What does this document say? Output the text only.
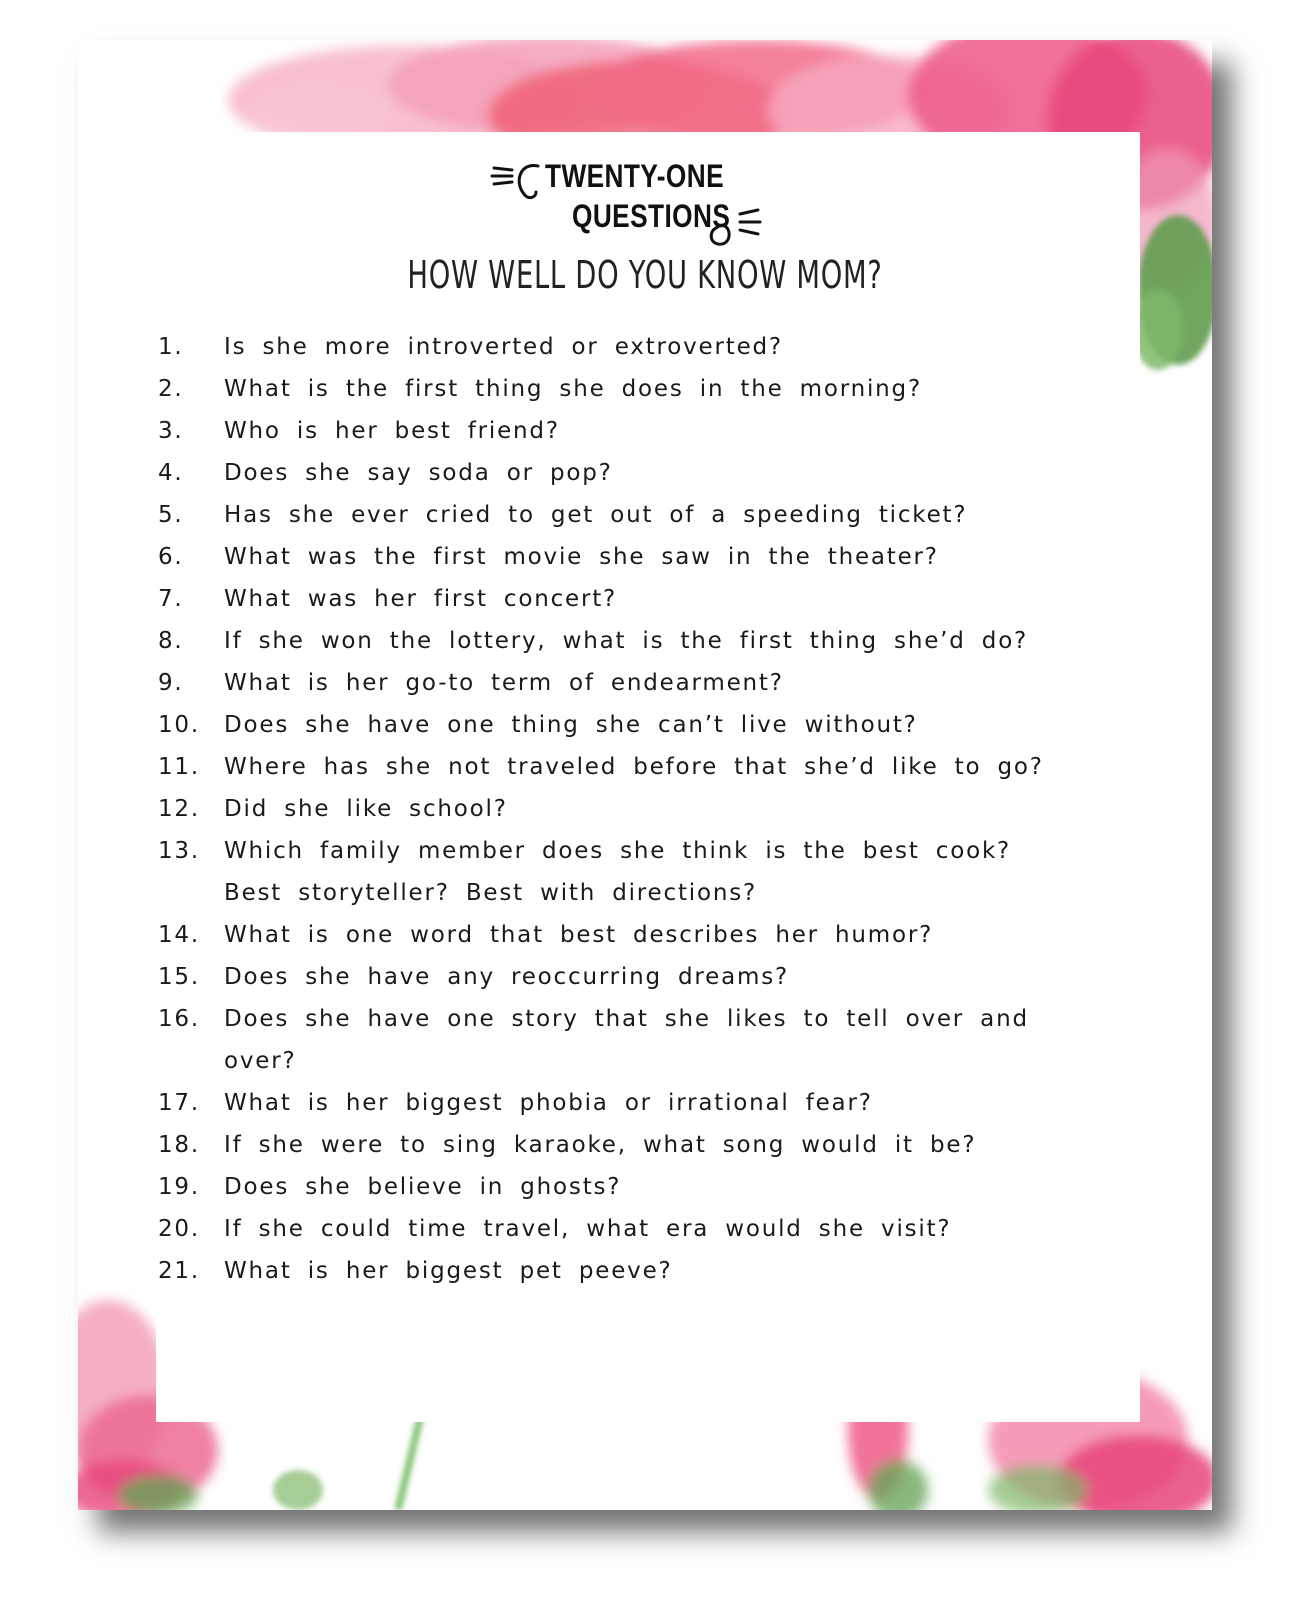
TWENTY-ONE
QUESTIONS
HOW WELL DO YOU KNOW MOM?
1. Is she more introverted or extroverted?
2. What is the first thing she does in the morning?
3. Who is her best friend?
4. Does she say soda or pop?
5. Has she ever cried to get out of a speeding ticket?
6. What was the first movie she saw in the theater?
7. What was her first concert?
8. If she won the lottery, what is the first thing she’d do?
9. What is her go-to term of endearment?
10. Does she have one thing she can’t live without?
11. Where has she not traveled before that she’d like to go?
12. Did she like school?
13. Which family member does she think is the best cook? Best storyteller? Best with directions?
14. What is one word that best describes her humor?
15. Does she have any reoccurring dreams?
16. Does she have one story that she likes to tell over and over?
17. What is her biggest phobia or irrational fear?
18. If she were to sing karaoke, what song would it be?
19. Does she believe in ghosts?
20. If she could time travel, what era would she visit?
21. What is her biggest pet peeve?
